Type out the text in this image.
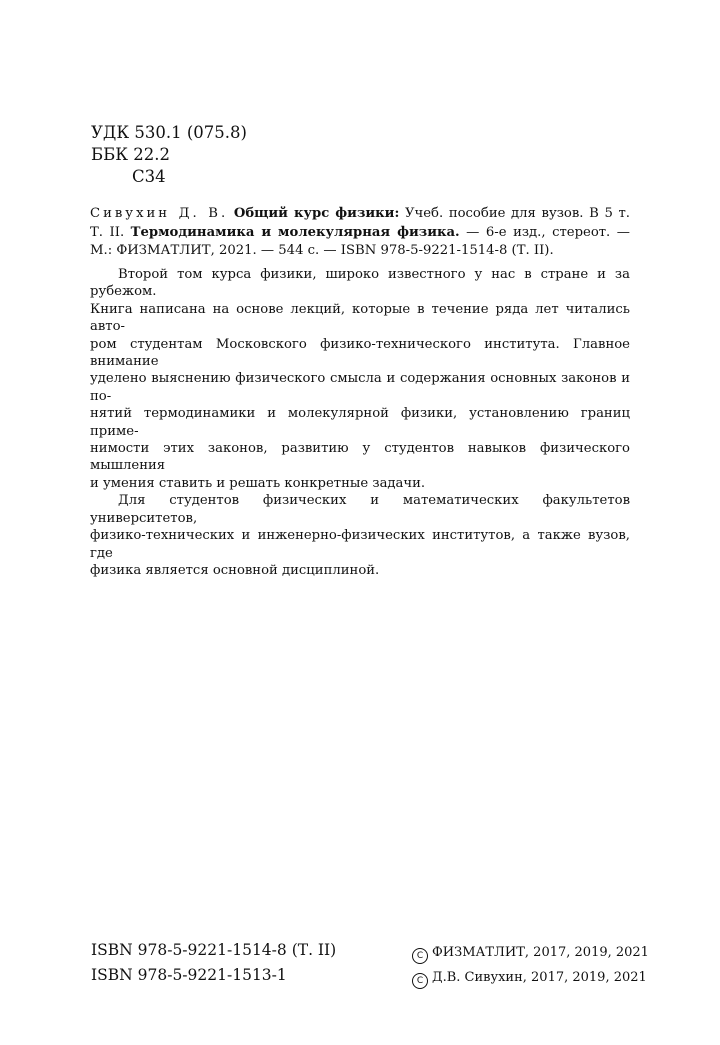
УДК 530.1 (075.8)
ББК 22.2
С34
Сивухин Д. В. Общий курс физики: Учеб. пособие для вузов. В 5 т.
Т. II. Термодинамика и молекулярная физика. — 6-е изд., стереот. —
М.: ФИЗМАТЛИТ, 2021. — 544 с. — ISBN 978-5-9221-1514-8 (Т. II).
Второй том курса физики, широко известного у нас в стране и за рубежом.
Книга написана на основе лекций, которые в течение ряда лет читались авто-
ром студентам Московского физико-технического института. Главное внимание
уделено выяснению физического смысла и содержания основных законов и по-
нятий термодинамики и молекулярной физики, установлению границ приме-
нимости этих законов, развитию у студентов навыков физического мышления
и умения ставить и решать конкретные задачи.
Для студентов физических и математических факультетов университетов,
физико-технических и инженерно-физических институтов, а также вузов, где
физика является основной дисциплиной.
ISBN 978-5-9221-1514-8 (Т. II)
ISBN 978-5-9221-1513-1
C ФИЗМАТЛИТ, 2017, 2019, 2021
C Д.В. Сивухин, 2017, 2019, 2021
